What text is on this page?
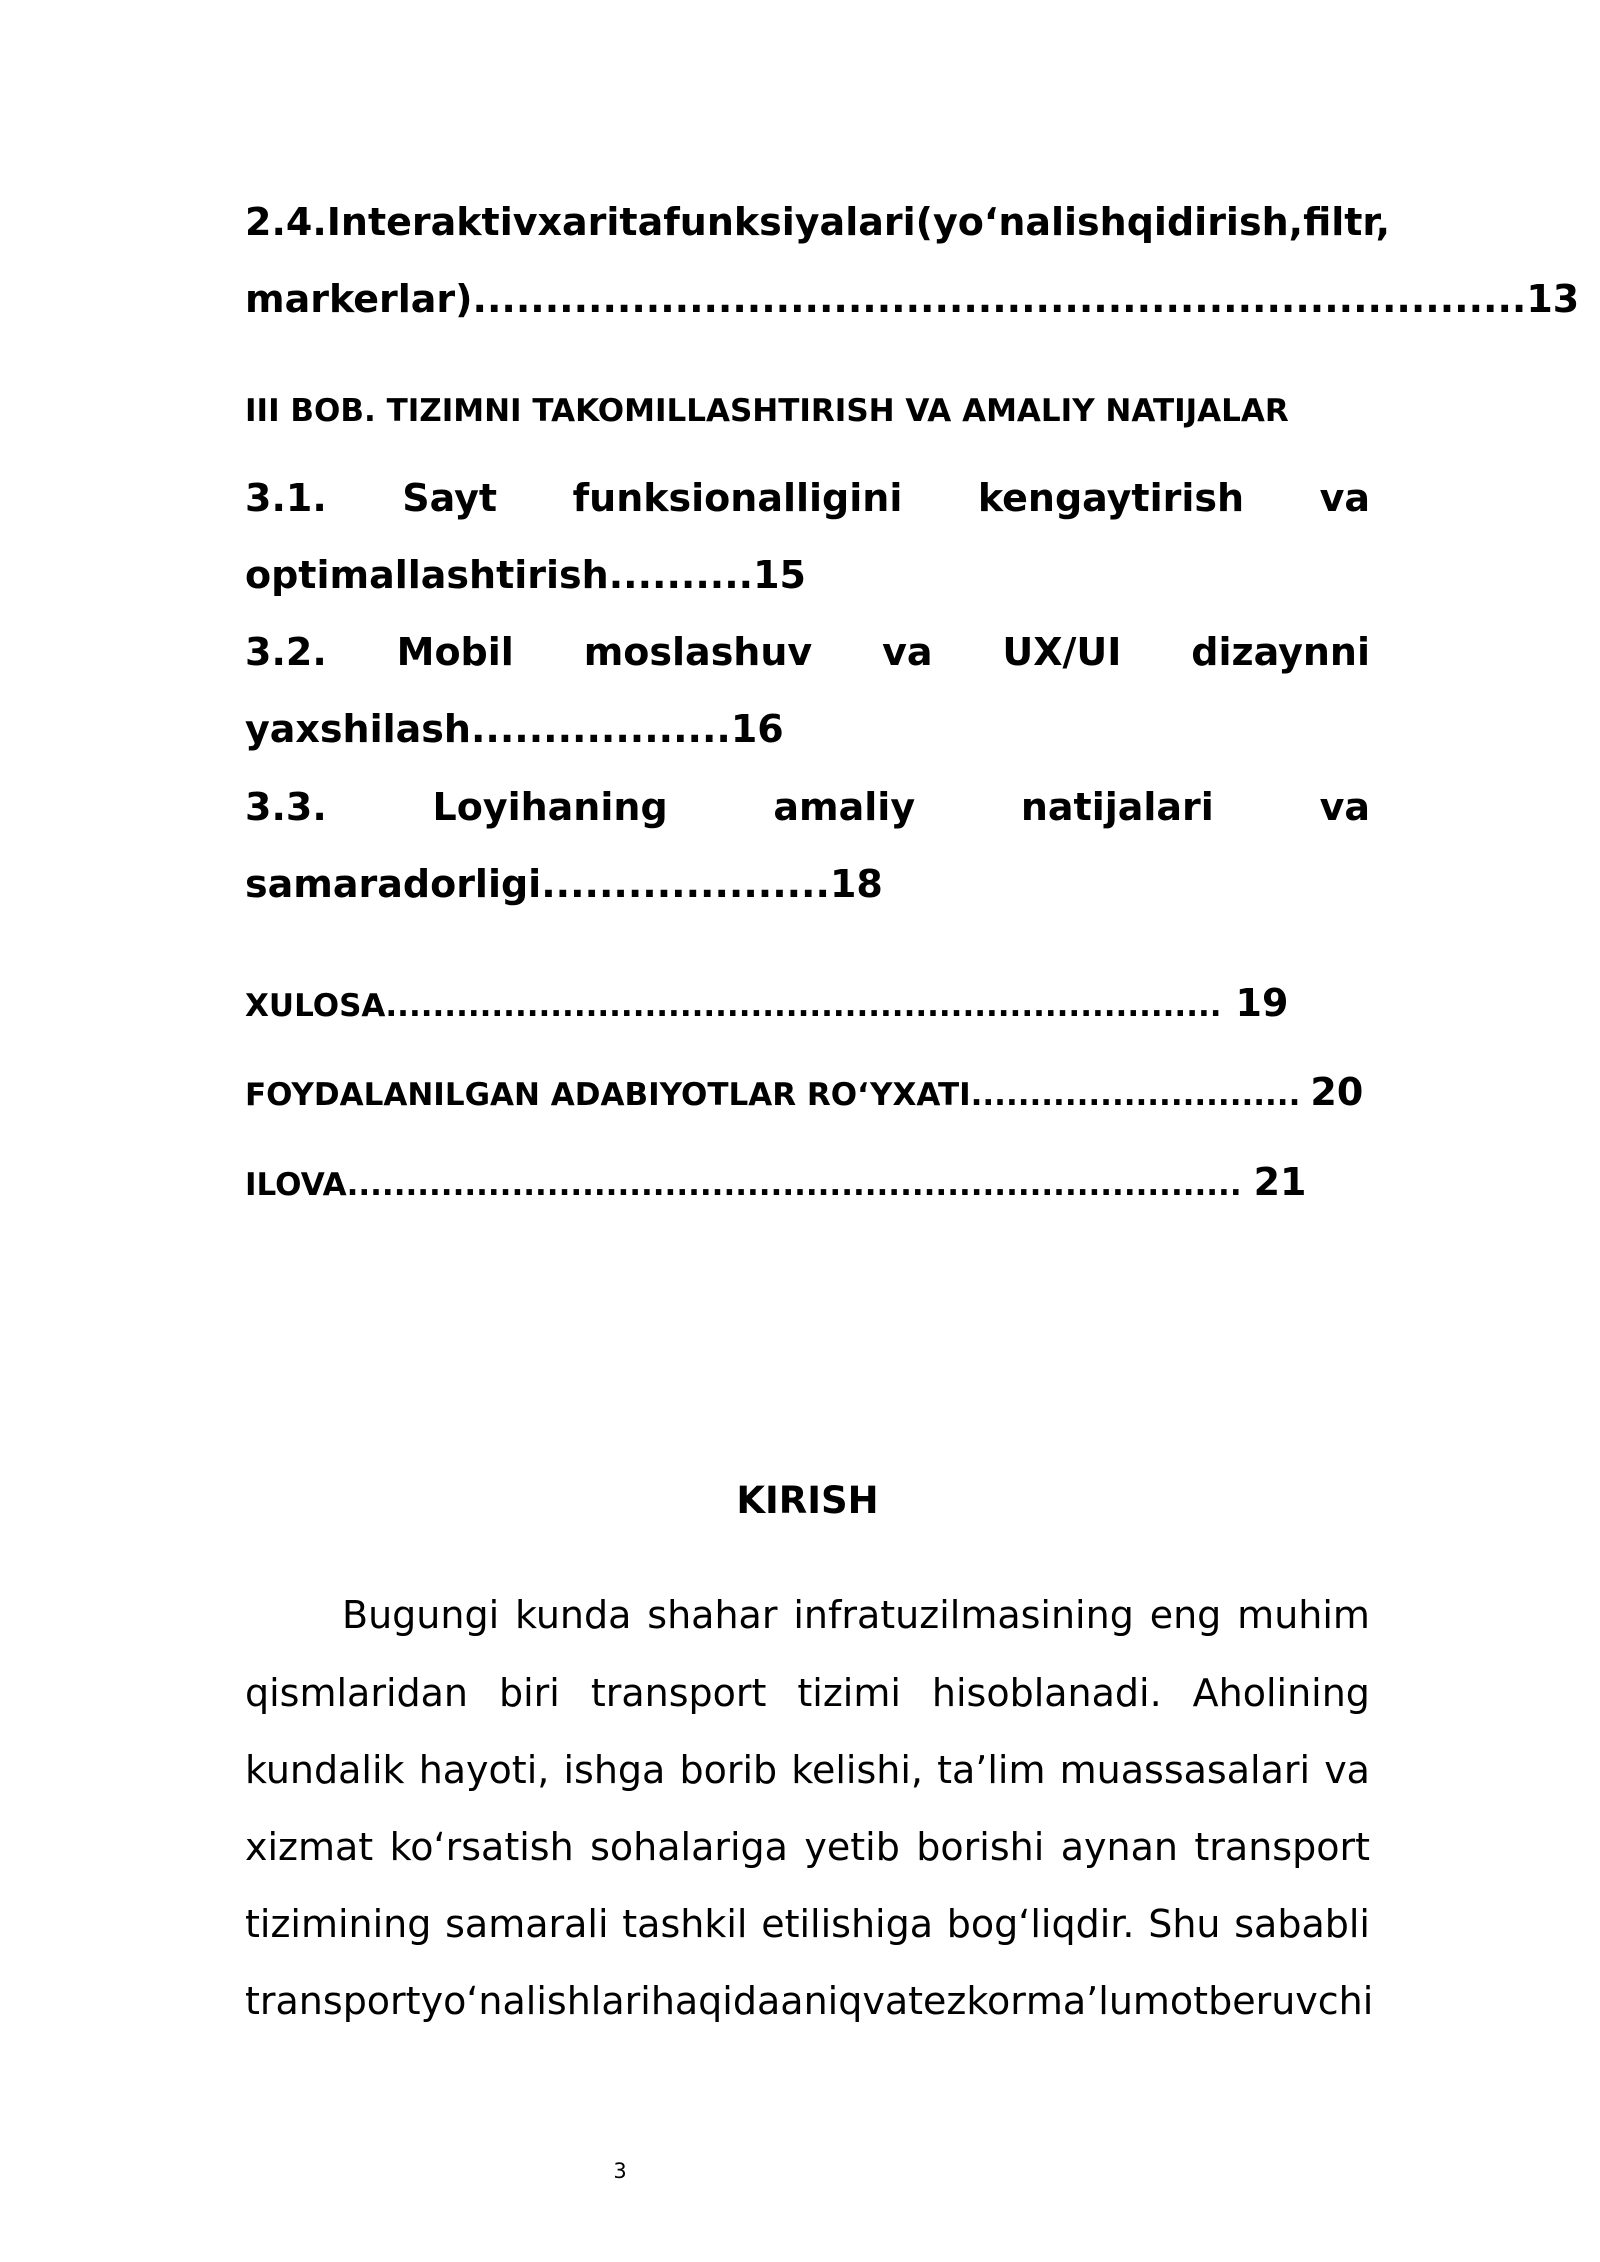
2.4.Interaktiv xarita funksiyalari(yo‘nalish qidirish, filtr,
markerlar) ......................................................................... 13
III BOB. TIZIMNI TAKOMILLASHTIRISH VA AMALIY NATIJALAR
3.1. Sayt funksionalligini kengaytirish va
optimallashtirish .......... 15
3.2. Mobil moslashuv va UX/UI dizaynni
yaxshilash .................. 16
3.3.	Loyihaning	amaliy	natijalari	va
samaradorligi .................... 18
XULOSA ....................................................................... 19
FOYDALANILGAN ADABIYOTLAR RO‘YXATI ............................ 20
ILOVA ............................................................................ 21
KIRISH
Bugungi kunda shahar infratuzilmasining eng muhim
qismlaridan biri transport tizimi hisoblanadi. Aholining
kundalik hayoti, ishga borib kelishi, ta’lim muassasalari va
xizmat ko‘rsatish sohalariga yetib borishi aynan transport
tizimining samarali tashkil etilishiga bog‘liqdir. Shu sababli
transport yo‘nalishlari haqida aniq va tezkor ma’lumot beruvchi
3
